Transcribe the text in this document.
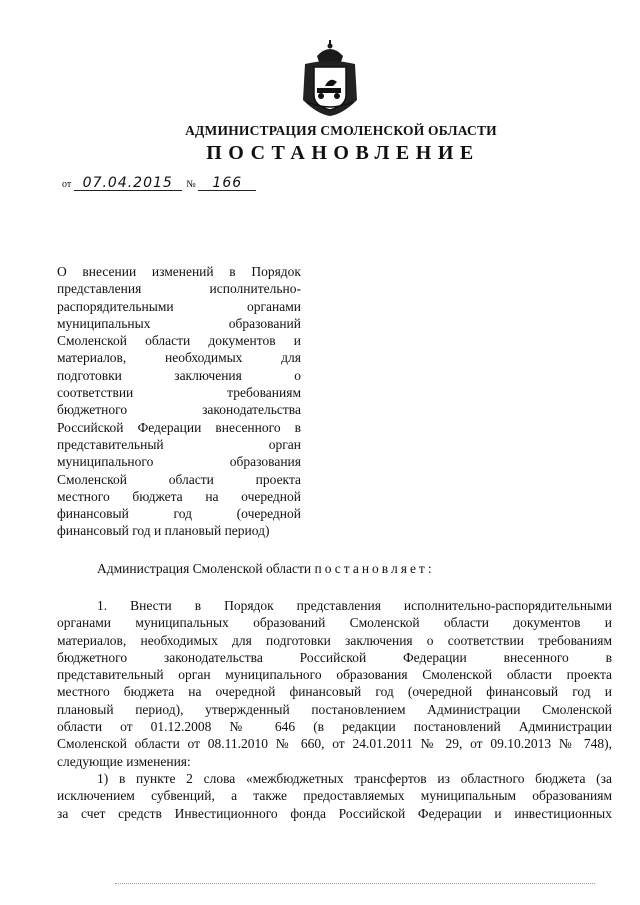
АДМИНИСТРАЦИЯ СМОЛЕНСКОЙ ОБЛАСТИ
ПОСТАНОВЛЕНИЕ
от 07.04.2015 № 166
О внесении изменений в Порядок
представления исполнительно-
распорядительными органами
муниципальных образований
Смоленской области документов и
материалов, необходимых для
подготовки заключения о
соответствии требованиям
бюджетного законодательства
Российской Федерации внесенного в
представительный орган
муниципального образования
Смоленской области проекта
местного бюджета на очередной
финансовый год (очередной
финансовый год и плановый период)
Администрация Смоленской области постановляет:
1. Внести в Порядок представления исполнительно-распорядительными
органами муниципальных образований Смоленской области документов и
материалов, необходимых для подготовки заключения о соответствии требованиям
бюджетного законодательства Российской Федерации внесенного в
представительный орган муниципального образования Смоленской области проекта
местного бюджета на очередной финансовый год (очередной финансовый год и
плановый период), утвержденный постановлением Администрации Смоленской
области от 01.12.2008 № 646 (в редакции постановлений Администрации
Смоленской области от 08.11.2010 № 660, от 24.01.2011 № 29, от 09.10.2013 № 748),
следующие изменения:
1) в пункте 2 слова «межбюджетных трансфертов из областного бюджета (за
исключением субвенций, а также предоставляемых муниципальным образованиям
за счет средств Инвестиционного фонда Российской Федерации и инвестиционных
